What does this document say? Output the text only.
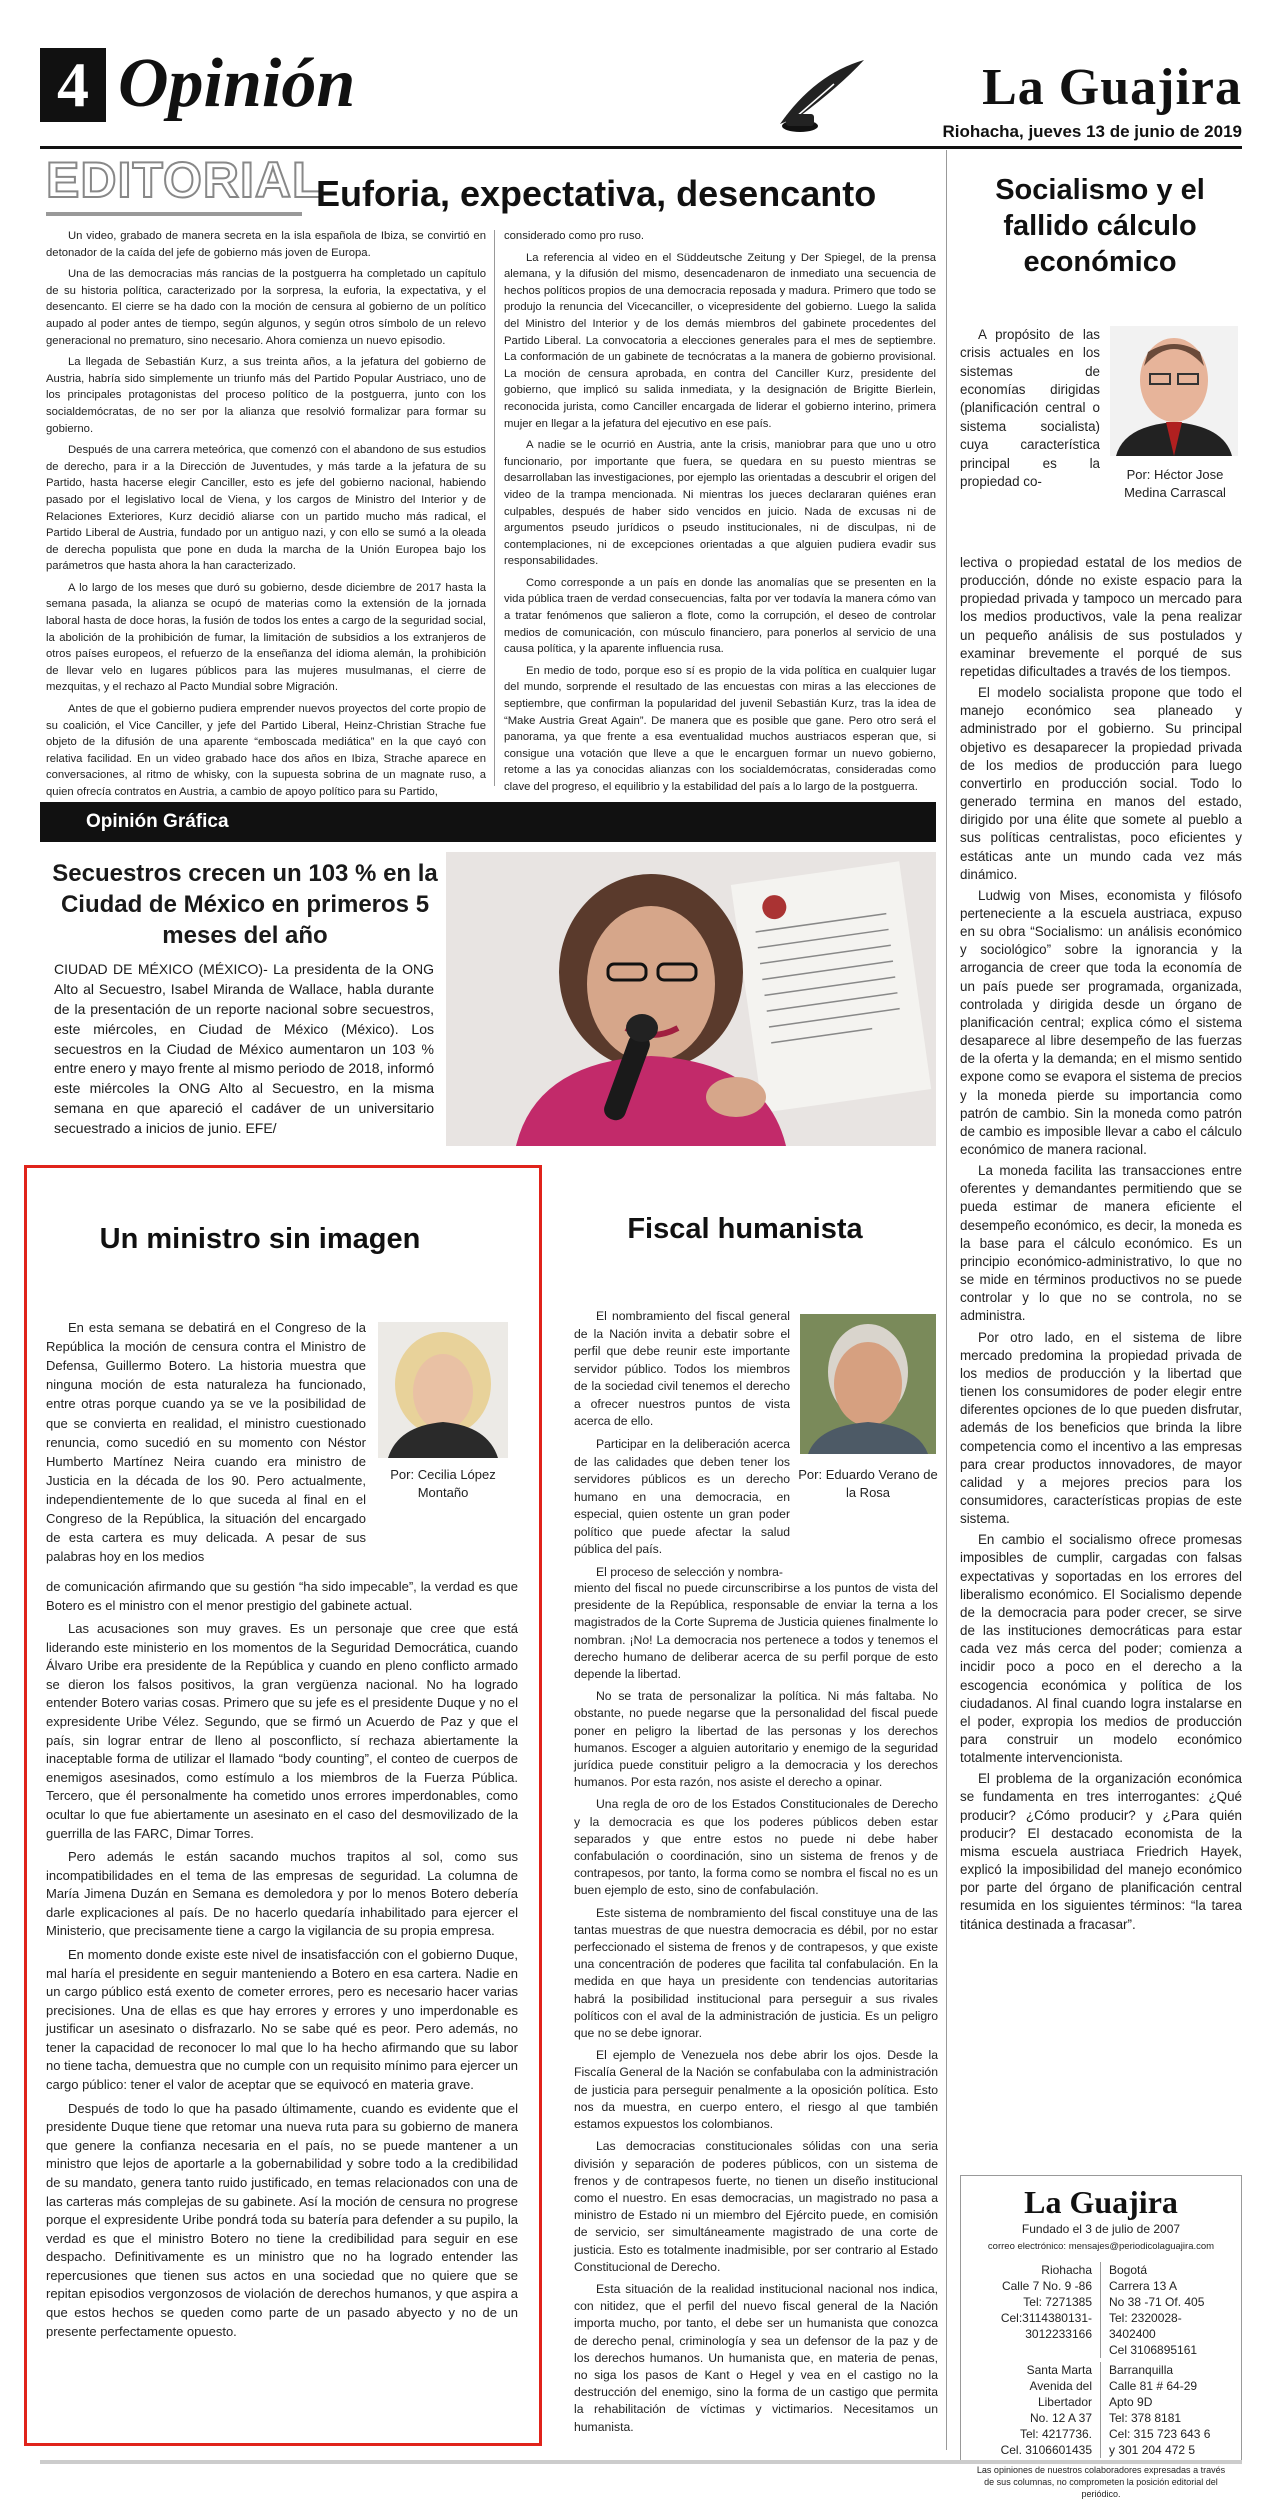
4 Opinión	La Guajira
Riohacha, jueves 13 de junio de 2019
EDITORIAL
Euforia, expectativa, desencanto

Un video, grabado de manera secreta en la isla española de Ibiza, se convirtió en detonador de la caída del jefe de gobierno más joven de Europa.

Una de las democracias más rancias de la postguerra ha completado un capítulo de su historia política, caracterizado por la sorpresa, la euforia, la expectativa, y el desencanto. El cierre se ha dado con la moción de censura al gobierno de un político aupado al poder antes de tiempo, según algunos, y según otros símbolo de un relevo generacional no prematuro, sino necesario. Ahora comienza un nuevo episodio.

La llegada de Sebastián Kurz, a sus treinta años, a la jefatura del gobierno de Austria, habría sido simplemente un triunfo más del Partido Popular Austriaco, uno de los principales protagonistas del proceso político de la postguerra, junto con los socialdemócratas, de no ser por la alianza que resolvió formalizar para formar su gobierno.

Después de una carrera meteórica, que comenzó con el abandono de sus estudios de derecho, para ir a la Dirección de Juventudes, y más tarde a la jefatura de su Partido, hasta hacerse elegir Canciller, esto es jefe del gobierno nacional, habiendo pasado por el legislativo local de Viena, y los cargos de Ministro del Interior y de Relaciones Exteriores, Kurz decidió aliarse con un partido mucho más radical, el Partido Liberal de Austria, fundado por un antiguo nazi, y con ello se sumó a la oleada de derecha populista que pone en duda la marcha de la Unión Europea bajo los parámetros que hasta ahora la han caracterizado.

A lo largo de los meses que duró su gobierno, desde diciembre de 2017 hasta la semana pasada, la alianza se ocupó de materias como la extensión de la jornada laboral hasta de doce horas, la fusión de todos los entes a cargo de la seguridad social, la abolición de la prohibición de fumar, la limitación de subsidios a los extranjeros de otros países europeos, el refuerzo de la enseñanza del idioma alemán, la prohibición de llevar velo en lugares públicos para las mujeres musulmanas, el cierre de mezquitas, y el rechazo al Pacto Mundial sobre Migración.

Antes de que el gobierno pudiera emprender nuevos proyectos del corte propio de su coalición, el Vice Canciller, y jefe del Partido Liberal, Heinz-Christian Strache fue objeto de la difusión de una aparente “emboscada mediática” en la que cayó con relativa facilidad. En un video grabado hace dos años en Ibiza, Strache aparece en conversaciones, al ritmo de whisky, con la supuesta sobrina de un magnate ruso, a quien ofrecía contratos en Austria, a cambio de apoyo político para su Partido,

considerado como pro ruso.

La referencia al video en el Süddeutsche Zeitung y Der Spiegel, de la prensa alemana, y la difusión del mismo, desencadenaron de inmediato una secuencia de hechos políticos propios de una democracia reposada y madura. Primero que todo se produjo la renuncia del Vicecanciller, o vicepresidente del gobierno. Luego la salida del Ministro del Interior y de los demás miembros del gabinete procedentes del Partido Liberal. La convocatoria a elecciones generales para el mes de septiembre. La conformación de un gabinete de tecnócratas a la manera de gobierno provisional. La moción de censura aprobada, en contra del Canciller Kurz, presidente del gobierno, que implicó su salida inmediata, y la designación de Brigitte Bierlein, reconocida jurista, como Canciller encargada de liderar el gobierno interino, primera mujer en llegar a la jefatura del ejecutivo en ese país.

A nadie se le ocurrió en Austria, ante la crisis, maniobrar para que uno u otro funcionario, por importante que fuera, se quedara en su puesto mientras se desarrollaban las investigaciones, por ejemplo las orientadas a descubrir el origen del video de la trampa mencionada. Ni mientras los jueces declararan quiénes eran culpables, después de haber sido vencidos en juicio. Nada de excusas ni de argumentos pseudo jurídicos o pseudo institucionales, ni de disculpas, ni de contemplaciones, ni de excepciones orientadas a que alguien pudiera evadir sus responsabilidades.

Como corresponde a un país en donde las anomalías que se presenten en la vida pública traen de verdad consecuencias, falta por ver todavía la manera cómo van a tratar fenómenos que salieron a flote, como la corrupción, el deseo de controlar medios de comunicación, con músculo financiero, para ponerlos al servicio de una causa política, y la aparente influencia rusa.

En medio de todo, porque eso sí es propio de la vida política en cualquier lugar del mundo, sorprende el resultado de las encuestas con miras a las elecciones de septiembre, que confirman la popularidad del juvenil Sebastián Kurz, tras la idea de “Make Austria Great Again”. De manera que es posible que gane. Pero otro será el panorama, ya que frente a esa eventualidad muchos austriacos esperan que, si consigue una votación que lleve a que le encarguen formar un nuevo gobierno, retome a las ya conocidas alianzas con los socialdemócratas, consideradas como clave del progreso, el equilibrio y la estabilidad del país a lo largo de la postguerra.

Opinión Gráfica
Secuestros crecen un 103 % en la Ciudad de México en primeros 5 meses del año
CIUDAD DE MÉXICO (MÉXICO)- La presidenta de la ONG Alto al Secuestro, Isabel Miranda de Wallace, habla durante de la presentación de un reporte nacional sobre secuestros, este miércoles, en Ciudad de México (México). Los secuestros en la Ciudad de México aumentaron un 103 % entre enero y mayo frente al mismo periodo de 2018, informó este miércoles la ONG Alto al Secuestro, en la misma semana en que apareció el cadáver de un universitario secuestrado a inicios de junio. EFE/
Un ministro sin imagen

En esta semana se debatirá en el Congreso de la República la moción de censura contra el Ministro de Defensa, Guillermo Botero. La historia muestra que ninguna moción de esta naturaleza ha funcionado, entre otras porque cuando ya se ve la posibilidad de que se convierta en realidad, el ministro cuestionado renuncia, como sucedió en su momento con Néstor Humberto Martínez Neira cuando era ministro de Justicia en la década de los 90. Pero actualmente, independientemente de lo que suceda al final en el Congreso de la República, la situación del encargado de esta cartera es muy delicada. A pesar de sus palabras hoy en los medios

Por: Cecilia López Montaño

de comunicación afirmando que su gestión “ha sido impecable”, la verdad es que Botero es el ministro con el menor prestigio del gabinete actual.

Las acusaciones son muy graves. Es un personaje que cree que está liderando este ministerio en los momentos de la Seguridad Democrática, cuando Álvaro Uribe era presidente de la República y cuando en pleno conflicto armado se dieron los falsos positivos, la gran vergüenza nacional. No ha logrado entender Botero varias cosas. Primero que su jefe es el presidente Duque y no el expresidente Uribe Vélez. Segundo, que se firmó un Acuerdo de Paz y que el país, sin lograr entrar de lleno al posconflicto, sí rechaza abiertamente la inaceptable forma de utilizar el llamado “body counting”, el conteo de cuerpos de enemigos asesinados, como estímulo a los miembros de la Fuerza Pública. Tercero, que él personalmente ha cometido unos errores imperdonables, como ocultar lo que fue abiertamente un asesinato en el caso del desmovilizado de la guerrilla de las FARC, Dimar Torres.

Pero además le están sacando muchos trapitos al sol, como sus incompatibilidades en el tema de las empresas de seguridad. La columna de María Jimena Duzán en Semana es demoledora y por lo menos Botero debería darle explicaciones al país. De no hacerlo quedaría inhabilitado para ejercer el Ministerio, que precisamente tiene a cargo la vigilancia de su propia empresa.

En momento donde existe este nivel de insatisfacción con el gobierno Duque, mal haría el presidente en seguir manteniendo a Botero en esa cartera. Nadie en un cargo público está exento de cometer errores, pero es necesario hacer varias precisiones. Una de ellas es que hay errores y errores y uno imperdonable es justificar un asesinato o disfrazarlo. No se sabe qué es peor. Pero además, no tener la capacidad de reconocer lo mal que lo ha hecho afirmando que su labor no tiene tacha, demuestra que no cumple con un requisito mínimo para ejercer un cargo público: tener el valor de aceptar que se equivocó en materia grave.

Después de todo lo que ha pasado últimamente, cuando es evidente que el presidente Duque tiene que retomar una nueva ruta para su gobierno de manera que genere la confianza necesaria en el país, no se puede mantener a un ministro que lejos de aportarle a la gobernabilidad y sobre todo a la credibilidad de su mandato, genera tanto ruido justificado, en temas relacionados con una de las carteras más complejas de su gabinete. Así la moción de censura no progrese porque el expresidente Uribe pondrá toda su batería para defender a su pupilo, la verdad es que el ministro Botero no tiene la credibilidad para seguir en ese despacho. Definitivamente es un ministro que no ha logrado entender las repercusiones que tienen sus actos en una sociedad que no quiere que se repitan episodios vergonzosos de violación de derechos humanos, y que aspira a que estos hechos se queden como parte de un pasado abyecto y no de un presente perfectamente opuesto.

Fiscal humanista

El nombramiento del fiscal general de la Nación invita a debatir sobre el perfil que debe reunir este importante servidor público. Todos los miembros de la sociedad civil tenemos el derecho a ofrecer nuestros puntos de vista acerca de ello.

Participar en la deliberación acerca de las calidades que deben tener los servidores públicos es un derecho humano en una democracia, en especial, quien ostente un gran poder político que puede afectar la salud pública del país.

El proceso de selección y nombra-

Por: Eduardo Verano de la Rosa

miento del fiscal no puede circunscribirse a los puntos de vista del presidente de la República, responsable de enviar la terna a los magistrados de la Corte Suprema de Justicia quienes finalmente lo nombran. ¡No! La democracia nos pertenece a todos y tenemos el derecho humano de deliberar acerca de su perfil porque de esto depende la libertad.

No se trata de personalizar la política. Ni más faltaba. No obstante, no puede negarse que la personalidad del fiscal puede poner en peligro la libertad de las personas y los derechos humanos. Escoger a alguien autoritario y enemigo de la seguridad jurídica puede constituir peligro a la democracia y los derechos humanos. Por esta razón, nos asiste el derecho a opinar.

Una regla de oro de los Estados Constitucionales de Derecho y la democracia es que los poderes públicos deben estar separados y que entre estos no puede ni debe haber confabulación o coordinación, sino un sistema de frenos y de contrapesos, por tanto, la forma como se nombra el fiscal no es un buen ejemplo de esto, sino de confabulación.

Este sistema de nombramiento del fiscal constituye una de las tantas muestras de que nuestra democracia es débil, por no estar perfeccionado el sistema de frenos y de contrapesos, y que existe una concentración de poderes que facilita tal confabulación. En la medida en que haya un presidente con tendencias autoritarias habrá la posibilidad institucional para perseguir a sus rivales políticos con el aval de la administración de justicia. Es un peligro que no se debe ignorar.

El ejemplo de Venezuela nos debe abrir los ojos. Desde la Fiscalía General de la Nación se confabulaba con la administración de justicia para perseguir penalmente a la oposición política. Esto nos da muestra, en cuerpo entero, el riesgo al que también estamos expuestos los colombianos.

Las democracias constitucionales sólidas con una seria división y separación de poderes públicos, con un sistema de frenos y de contrapesos fuerte, no tienen un diseño institucional como el nuestro. En esas democracias, un magistrado no pasa a ministro de Estado ni un miembro del Ejército puede, en comisión de servicio, ser simultáneamente magistrado de una corte de justicia. Esto es totalmente inadmisible, por ser contrario al Estado Constitucional de Derecho.

Esta situación de la realidad institucional nacional nos indica, con nitidez, que el perfil del nuevo fiscal general de la Nación importa mucho, por tanto, el debe ser un humanista que conozca de derecho penal, criminología y sea un defensor de la paz y de los derechos humanos. Un humanista que, en materia de penas, no siga los pasos de Kant o Hegel y vea en el castigo no la destrucción del enemigo, sino la forma de un castigo que permita la rehabilitación de víctimas y victimarios. Necesitamos un humanista.

Socialismo y el fallido cálculo económico

A propósito de las crisis actuales en los sistemas de economías dirigidas (planificación central o sistema socialista) cuya característica principal es la propiedad co-	Por: Héctor Jose Medina Carrascal

lectiva o propiedad estatal de los medios de producción, dónde no existe espacio para la propiedad privada y tampoco un mercado para los medios productivos, vale la pena realizar un pequeño análisis de sus postulados y examinar brevemente el porqué de sus repetidas dificultades a través de los tiempos.

El modelo socialista propone que todo el manejo económico sea planeado y administrado por el gobierno. Su principal objetivo es desaparecer la propiedad privada de los medios de producción para luego convertirlo en producción social. Todo lo generado termina en manos del estado, dirigido por una élite que somete al pueblo a sus políticas centralistas, poco eficientes y estáticas ante un mundo cada vez más dinámico.

Ludwig von Mises, economista y filósofo perteneciente a la escuela austriaca, expuso en su obra “Socialismo: un análisis económico y sociológico” sobre la ignorancia y la arrogancia de creer que toda la economía de un país puede ser programada, organizada, controlada y dirigida desde un órgano de planificación central; explica cómo el sistema desaparece al libre desempeño de las fuerzas de la oferta y la demanda; en el mismo sentido expone como se evapora el sistema de precios y la moneda pierde su importancia como patrón de cambio. Sin la moneda como patrón de cambio es imposible llevar a cabo el cálculo económico de manera racional.

La moneda facilita las transacciones entre oferentes y demandantes permitiendo que se pueda estimar de manera eficiente el desempeño económico, es decir, la moneda es la base para el cálculo económico. Es un principio económico-administrativo, lo que no se mide en términos productivos no se puede controlar y lo que no se controla, no se administra.

Por otro lado, en el sistema de libre mercado predomina la propiedad privada de los medios de producción y la libertad que tienen los consumidores de poder elegir entre diferentes opciones de lo que pueden disfrutar, además de los beneficios que brinda la libre competencia como el incentivo a las empresas para crear productos innovadores, de mayor calidad y a mejores precios para los consumidores, características propias de este sistema.

En cambio el socialismo ofrece promesas imposibles de cumplir, cargadas con falsas expectativas y soportadas en los errores del liberalismo económico. El Socialismo depende de la democracia para poder crecer, se sirve de las instituciones democráticas para estar cada vez más cerca del poder; comienza a incidir poco a poco en el derecho a la escogencia económica y política de los ciudadanos. Al final cuando logra instalarse en el poder, expropia los medios de producción para construir un modelo económico totalmente intervencionista.

El problema de la organización económica se fundamenta en tres interrogantes: ¿Qué producir? ¿Cómo producir? y ¿Para quién producir? El destacado economista de la misma escuela austriaca Friedrich Hayek, explicó la imposibilidad del manejo económico por parte del órgano de planificación central resumida en los siguientes términos: “la tarea titánica destinada a fracasar”.

La Guajira
Fundado el 3 de julio de 2007
correo electrónico: mensajes@periodicolaguajira.com
Riohacha
Calle 7 No. 9 -86
Tel: 7271385
Cel:3114380131-
3012233166
Bogotá
Carrera 13 A
No 38 -71 Of. 405
Tel: 2320028-
3402400
Cel 3106895161
Santa Marta
Avenida del
Libertador
No. 12 A 37
Tel: 4217736.
Cel. 3106601435
Barranquilla
Calle 81 # 64-29
Apto 9D
Tel: 378 8181
Cel: 315 723 643 6
y 301 204 472 5
Las opiniones de nuestros colaboradores expresadas a través de sus columnas, no comprometen la posición editorial del periódico.
